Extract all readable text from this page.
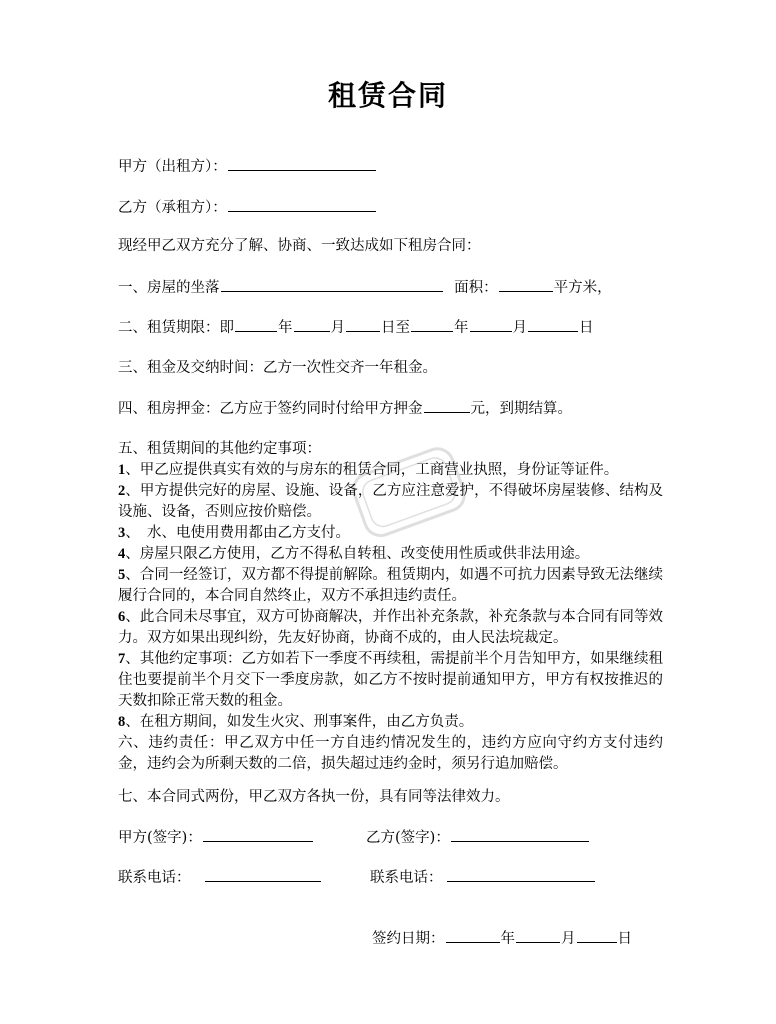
租赁合同
甲方（出租方）：
乙方（承租方）：
现经甲乙双方充分了解、协商、一致达成如下租房合同：
一、房屋的坐落	面积：	平方米，
二、租赁期限：即	年	月 日至	年	月	日
三、租金及交纳时间：乙方一次性交齐一年租金。
四、租房押金：乙方应于签约同时付给甲方押金	元，到期结算。

五、租赁期间的其他约定事项：

1、甲乙应提供真实有效的与房东的租赁合同，工商营业执照，身份证等证件。

2、甲方提供完好的房屋、设施、设备，乙方应注意爱护，不得破坏房屋装修、结构及设施、设备，否则应按价赔偿。

3、　水、电使用费用都由乙方支付。

4、房屋只限乙方使用，乙方不得私自转租、改变使用性质或供非法用途。

5、合同一经签订，双方都不得提前解除。租赁期内，如遇不可抗力因素导致无法继续履行合同的，本合同自然终止，双方不承担违约责任。

6、此合同未尽事宜，双方可协商解决，并作出补充条款，补充条款与本合同有同等效力。双方如果出现纠纷，先友好协商，协商不成的，由人民法垸裁定。

7、其他约定事项：乙方如若下一季度不再续租，需提前半个月告知甲方，如果继续租住也要提前半个月交下一季度房款，如乙方不按时提前通知甲方，甲方有权按推迟的天数扣除正常天数的租金。

8、在租方期间，如发生火灾、刑事案件，由乙方负责。

六、违约责任：甲乙双方中任一方自违约情况发生的，违约方应向守约方支付违约金，违约会为所剩天数的二倍，损失超过违约金时，须另行追加赔偿。

七、本合同式两份，甲乙双方各执一份，具有同等法律效力。
甲方(签字)：	乙方(签字)：
联系电话：	联系电话：
签约日期：	年	月	日
